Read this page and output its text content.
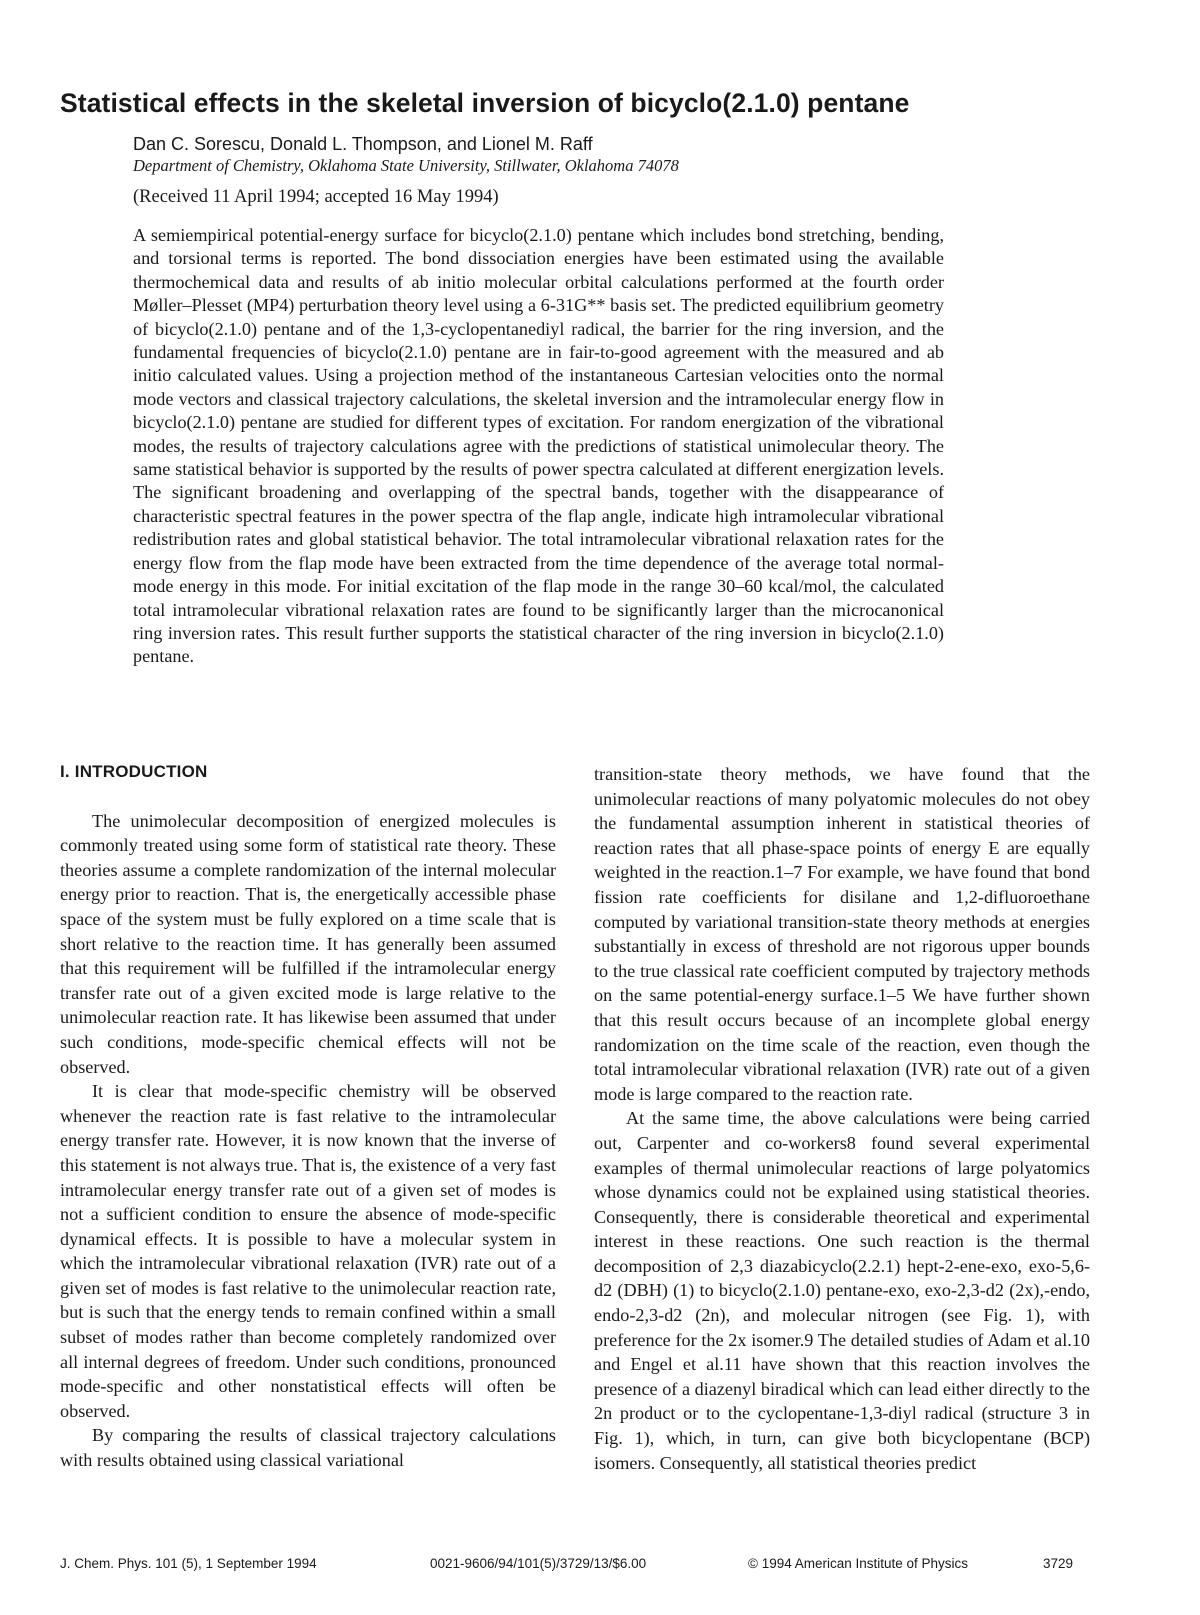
Statistical effects in the skeletal inversion of bicyclo(2.1.0) pentane
Dan C. Sorescu, Donald L. Thompson, and Lionel M. Raff
Department of Chemistry, Oklahoma State University, Stillwater, Oklahoma 74078
(Received 11 April 1994; accepted 16 May 1994)

A semiempirical potential-energy surface for bicyclo(2.1.0) pentane which includes bond stretching, bending, and torsional terms is reported. The bond dissociation energies have been estimated using the available thermochemical data and results of ab initio molecular orbital calculations performed at the fourth order Møller–Plesset (MP4) perturbation theory level using a 6-31G** basis set. The predicted equilibrium geometry of bicyclo(2.1.0) pentane and of the 1,3-cyclopentanediyl radical, the barrier for the ring inversion, and the fundamental frequencies of bicyclo(2.1.0) pentane are in fair-to-good agreement with the measured and ab initio calculated values. Using a projection method of the instantaneous Cartesian velocities onto the normal mode vectors and classical trajectory calculations, the skeletal inversion and the intramolecular energy flow in bicyclo(2.1.0) pentane are studied for different types of excitation. For random energization of the vibrational modes, the results of trajectory calculations agree with the predictions of statistical unimolecular theory. The same statistical behavior is supported by the results of power spectra calculated at different energization levels. The significant broadening and overlapping of the spectral bands, together with the disappearance of characteristic spectral features in the power spectra of the flap angle, indicate high intramolecular vibrational redistribution rates and global statistical behavior. The total intramolecular vibrational relaxation rates for the energy flow from the flap mode have been extracted from the time dependence of the average total normal-mode energy in this mode. For initial excitation of the flap mode in the range 30–60 kcal/mol, the calculated total intramolecular vibrational relaxation rates are found to be significantly larger than the microcanonical ring inversion rates. This result further supports the statistical character of the ring inversion in bicyclo(2.1.0) pentane.

I. INTRODUCTION

The unimolecular decomposition of energized molecules is commonly treated using some form of statistical rate theory. These theories assume a complete randomization of the internal molecular energy prior to reaction. That is, the energetically accessible phase space of the system must be fully explored on a time scale that is short relative to the reaction time. It has generally been assumed that this requirement will be fulfilled if the intramolecular energy transfer rate out of a given excited mode is large relative to the unimolecular reaction rate. It has likewise been assumed that under such conditions, mode-specific chemical effects will not be observed.

It is clear that mode-specific chemistry will be observed whenever the reaction rate is fast relative to the intramolecular energy transfer rate. However, it is now known that the inverse of this statement is not always true. That is, the existence of a very fast intramolecular energy transfer rate out of a given set of modes is not a sufficient condition to ensure the absence of mode-specific dynamical effects. It is possible to have a molecular system in which the intramolecular vibrational relaxation (IVR) rate out of a given set of modes is fast relative to the unimolecular reaction rate, but is such that the energy tends to remain confined within a small subset of modes rather than become completely randomized over all internal degrees of freedom. Under such conditions, pronounced mode-specific and other nonstatistical effects will often be observed.

By comparing the results of classical trajectory calculations with results obtained using classical variational

transition-state theory methods, we have found that the unimolecular reactions of many polyatomic molecules do not obey the fundamental assumption inherent in statistical theories of reaction rates that all phase-space points of energy E are equally weighted in the reaction.1–7 For example, we have found that bond fission rate coefficients for disilane and 1,2-difluoroethane computed by variational transition-state theory methods at energies substantially in excess of threshold are not rigorous upper bounds to the true classical rate coefficient computed by trajectory methods on the same potential-energy surface.1–5 We have further shown that this result occurs because of an incomplete global energy randomization on the time scale of the reaction, even though the total intramolecular vibrational relaxation (IVR) rate out of a given mode is large compared to the reaction rate.

At the same time, the above calculations were being carried out, Carpenter and co-workers8 found several experimental examples of thermal unimolecular reactions of large polyatomics whose dynamics could not be explained using statistical theories. Consequently, there is considerable theoretical and experimental interest in these reactions. One such reaction is the thermal decomposition of 2,3 diazabicyclo(2.2.1) hept-2-ene-exo, exo-5,6-d2 (DBH) (1) to bicyclo(2.1.0) pentane-exo, exo-2,3-d2 (2x),-endo, endo-2,3-d2 (2n), and molecular nitrogen (see Fig. 1), with preference for the 2x isomer.9 The detailed studies of Adam et al.10 and Engel et al.11 have shown that this reaction involves the presence of a diazenyl biradical which can lead either directly to the 2n product or to the cyclopentane-1,3-diyl radical (structure 3 in Fig. 1), which, in turn, can give both bicyclopentane (BCP) isomers. Consequently, all statistical theories predict

J. Chem. Phys. 101 (5), 1 September 1994	0021-9606/94/101(5)/3729/13/$6.00	© 1994 American Institute of Physics	3729
